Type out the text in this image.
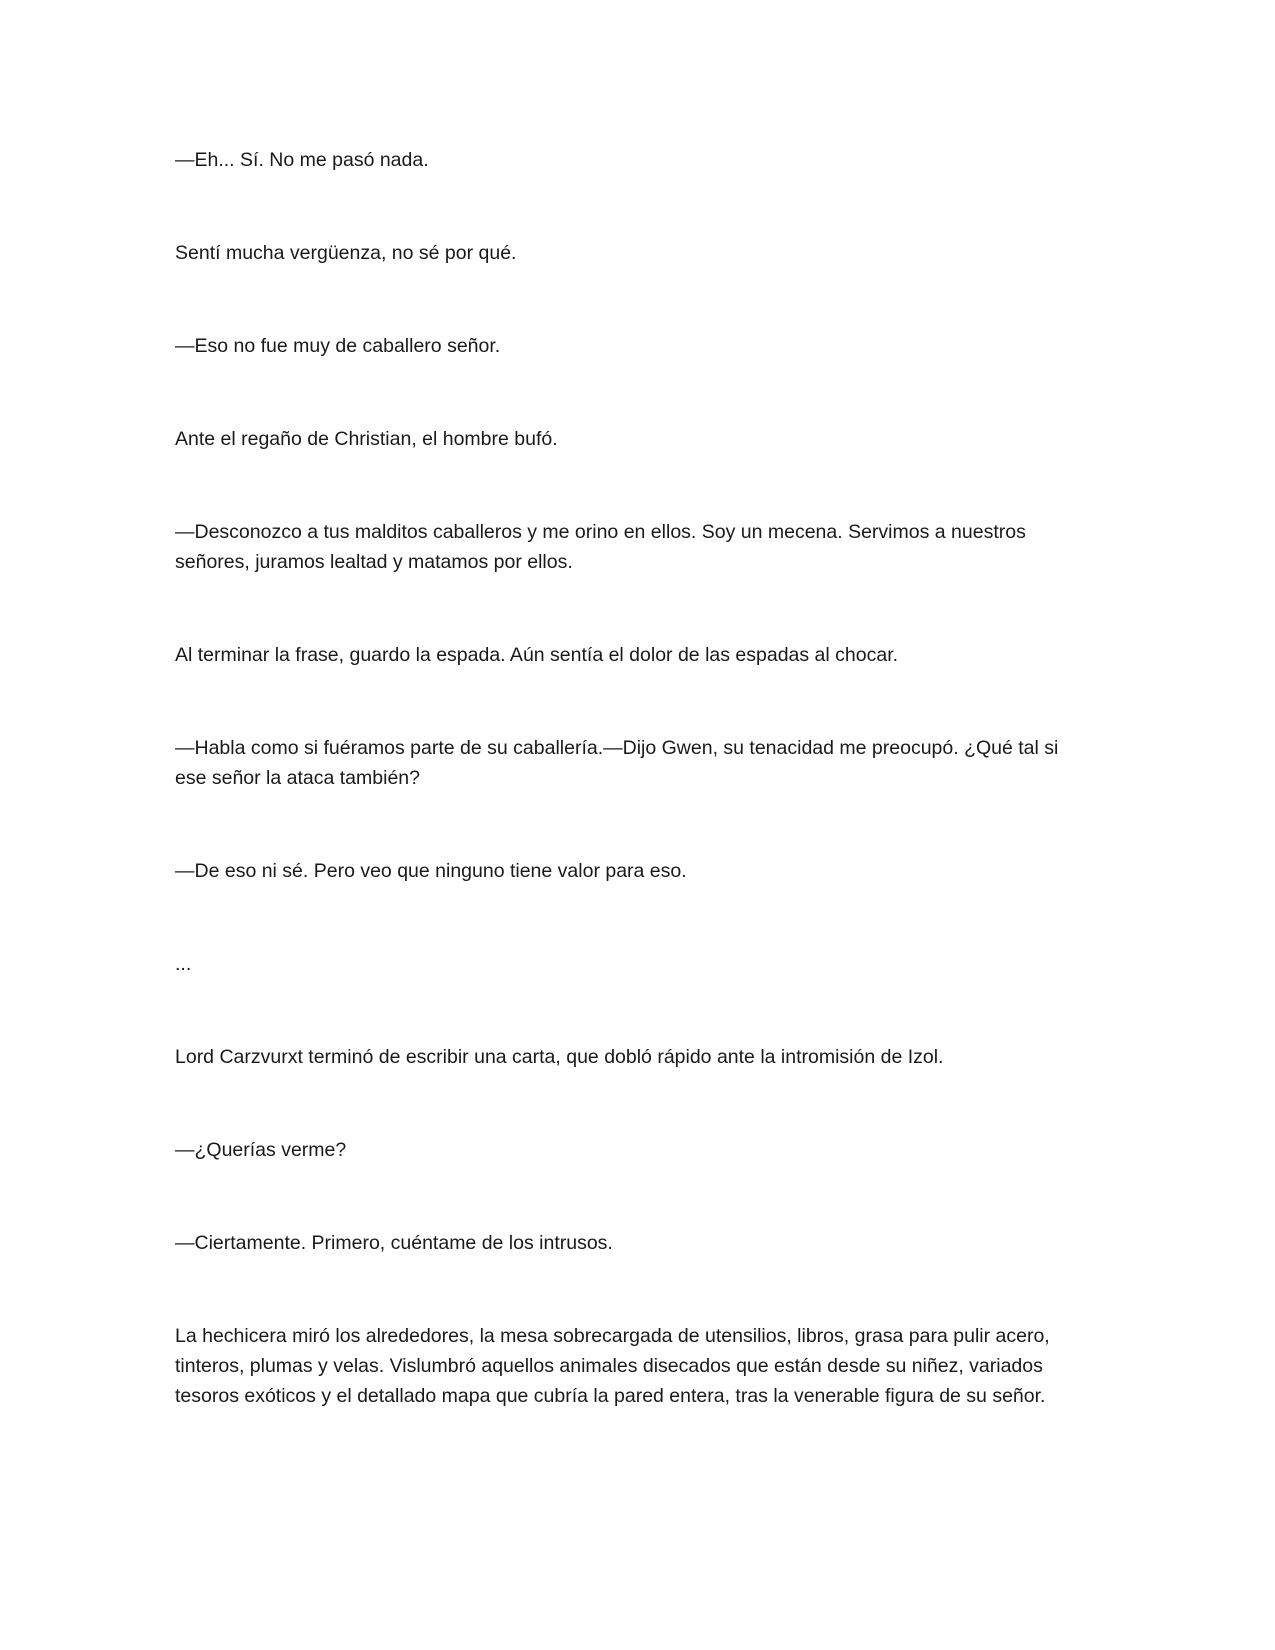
—Eh... Sí. No me pasó nada.

Sentí mucha vergüenza, no sé por qué.

—Eso no fue muy de caballero señor.

Ante el regaño de Christian, el hombre bufó.

—Desconozco a tus malditos caballeros y me orino en ellos. Soy un mecena. Servimos a nuestros señores, juramos lealtad y matamos por ellos.

Al terminar la frase, guardo la espada. Aún sentía el dolor de las espadas al chocar.

—Habla como si fuéramos parte de su caballería.—Dijo Gwen, su tenacidad me preocupó. ¿Qué tal si ese señor la ataca también?

—De eso ni sé. Pero veo que ninguno tiene valor para eso.

...

Lord Carzvurxt terminó de escribir una carta, que dobló rápido ante la intromisión de Izol.

—¿Querías verme?

—Ciertamente. Primero, cuéntame de los intrusos.

La hechicera miró los alrededores, la mesa sobrecargada de utensilios, libros, grasa para pulir acero, tinteros, plumas y velas. Vislumbró aquellos animales disecados que están desde su niñez, variados tesoros exóticos y el detallado mapa que cubría la pared entera, tras la venerable figura de su señor.
